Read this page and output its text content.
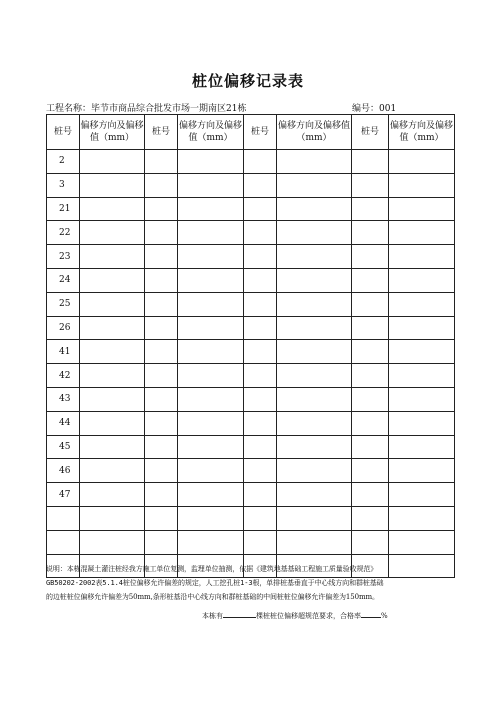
桩位偏移记录表
工程名称：毕节市商品综合批发市场一期南区21栋	编号：001
桩号	偏移方向及偏移值（mm）	桩号	偏移方向及偏移值（mm）	桩号	偏移方向及偏移值（mm）	桩号	偏移方向及偏移值（mm）
2							
3							
21							
22							
23							
24							
25							
26							
41							
42							
43							
44							
45							
46							
47							

说明：本栋混凝土灌注桩经我方施工单位复测，监理单位抽测，依据《建筑地基基础工程施工质量验收规范》

GB50202-2002表5.1.4桩位偏移允许偏差的规定，人工挖孔桩1-3根，单排桩基垂直于中心线方向和群桩基础

的边桩桩位偏移允许偏差为50mm,条形桩基沿中心线方向和群桩基础的中间桩桩位偏移允许偏差为150mm。

本栋有	棵桩桩位偏移超规范要求，合格率	%
